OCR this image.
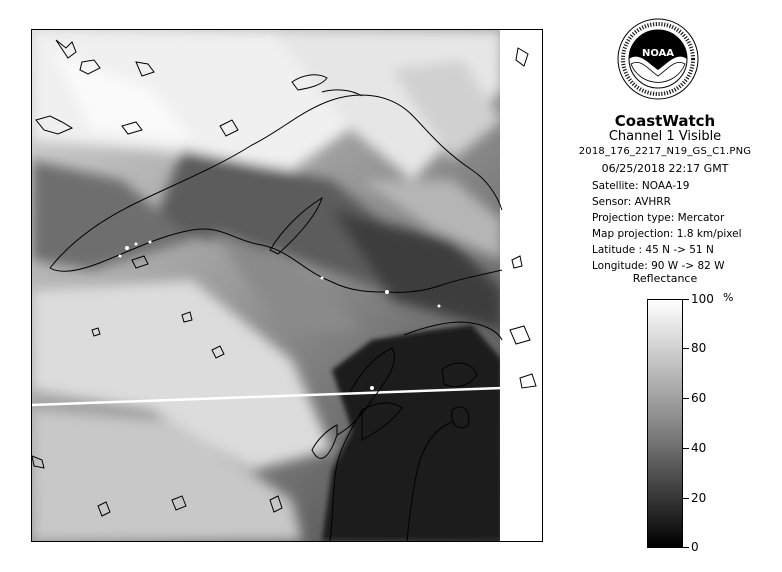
NOAA
CoastWatch
Channel 1 Visible
2018_176_2217_N19_GS_C1.PNG
06/25/2018 22:17 GMT
Satellite: NOAA-19
Sensor: AVHRR
Projection type: Mercator
Map projection: 1.8 km/pixel
Latitude : 45 N -> 51 N
Longitude: 90 W -> 82 W
Reflectance
%
100
80
60
40
20
0
